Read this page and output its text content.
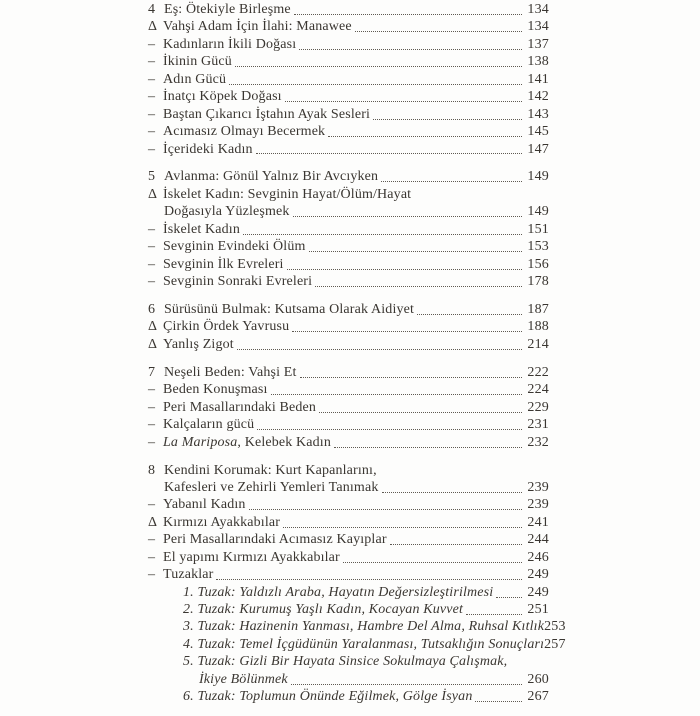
4 Eş: Ötekiyle Birleşme	134
Δ Vahşi Adam İçin İlahi: Manawee	134
– Kadınların İkili Doğası	137
– İkinin Gücü	138
– Adın Gücü	141
– İnatçı Köpek Doğası	142
– Baştan Çıkarıcı İştahın Ayak Sesleri	143
– Acımasız Olmayı Becermek	145
– İçerideki Kadın	147
5 Avlanma: Gönül Yalnız Bir Avcıyken	149
Δ İskelet Kadın: Sevginin Hayat/Ölüm/Hayat
Doğasıyla Yüzleşmek	149
– İskelet Kadın	151
– Sevginin Evindeki Ölüm	153
– Sevginin İlk Evreleri	156
– Sevginin Sonraki Evreleri	178
6 Sürüsünü Bulmak: Kutsama Olarak Aidiyet	187
Δ Çirkin Ördek Yavrusu	188
Δ Yanlış Zigot	214
7 Neşeli Beden: Vahşi Et	222
– Beden Konuşması	224
– Peri Masallarındaki Beden	229
– Kalçaların gücü	231
– La Mariposa, Kelebek Kadın	232
8 Kendini Korumak: Kurt Kapanlarını,
Kafesleri ve Zehirli Yemleri Tanımak	239
– Yabanıl Kadın	239
Δ Kırmızı Ayakkabılar	241
– Peri Masallarındaki Acımasız Kayıplar	244
– El yapımı Kırmızı Ayakkabılar	246
– Tuzaklar	249
1. Tuzak: Yaldızlı Araba, Hayatın Değersizleştirilmesi 249
2. Tuzak: Kurumuş Yaşlı Kadın, Kocayan Kuvvet	251
3. Tuzak: Hazinenin Yanması, Hambre Del Alma, Ruhsal Kıtlık 253
4. Tuzak: Temel İçgüdünün Yaralanması, Tutsaklığın Sonuçları 257
5. Tuzak: Gizli Bir Hayata Sinsice Sokulmaya Çalışmak,
İkiye Bölünmek	260
6. Tuzak: Toplumun Önünde Eğilmek, Gölge İsyan	267
